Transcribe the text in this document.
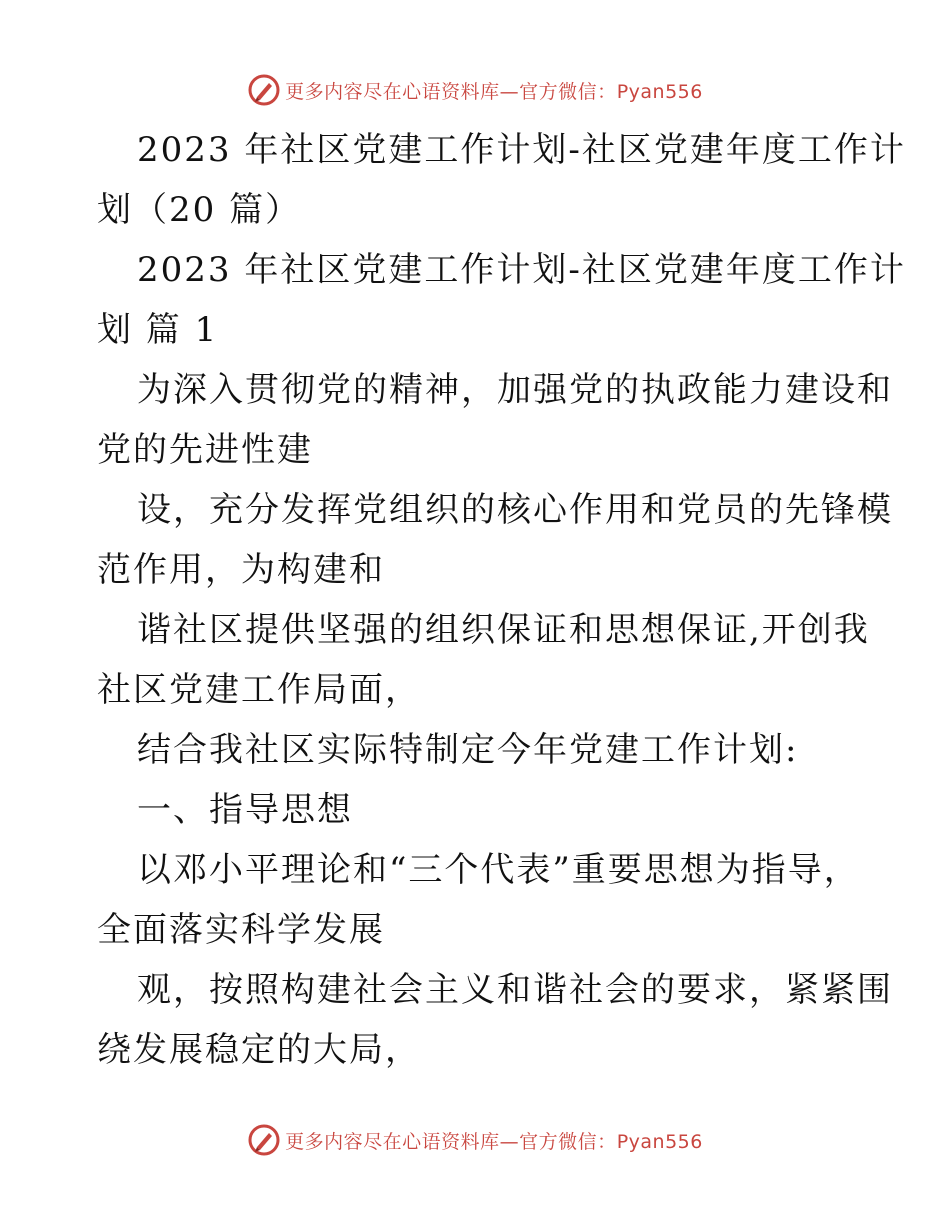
更多内容尽在心语资料库—官方微信：Pyan556
2023 年社区党建工作计划-社区党建年度工作计
划（20 篇）
2023 年社区党建工作计划-社区党建年度工作计
划 篇 1
为深入贯彻党的精神，加强党的执政能力建设和
党的先进性建
设，充分发挥党组织的核心作用和党员的先锋模
范作用，为构建和
谐社区提供坚强的组织保证和思想保证,开创我
社区党建工作局面，
结合我社区实际特制定今年党建工作计划:
一、指导思想
以邓小平理论和“三个代表”重要思想为指导，
全面落实科学发展
观，按照构建社会主义和谐社会的要求，紧紧围
绕发展稳定的大局，
更多内容尽在心语资料库—官方微信：Pyan556
